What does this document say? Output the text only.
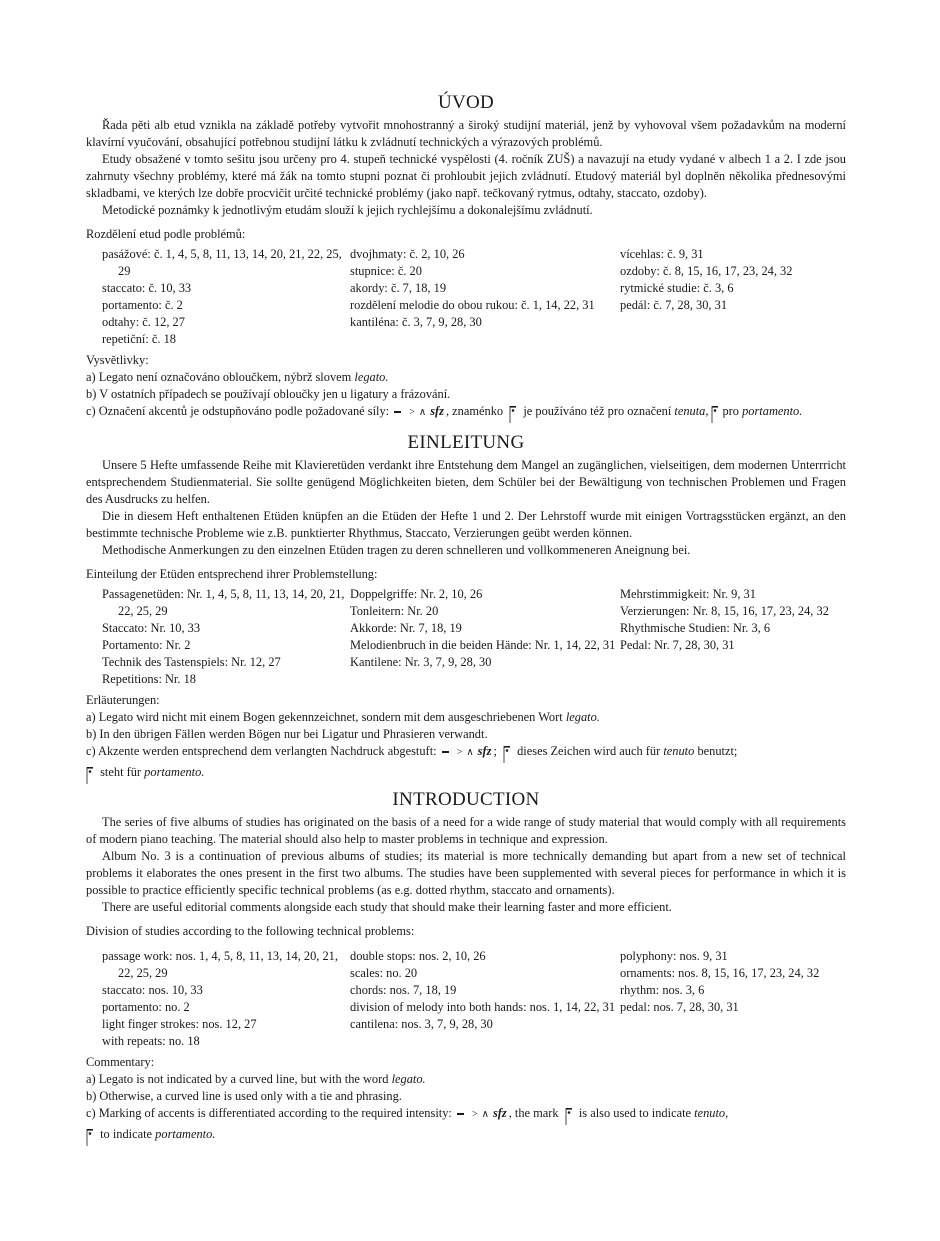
ÚVOD

Řada pěti alb etud vznikla na základě potřeby vytvořit mnohostranný a široký studijní materiál, jenž by vyhovoval všem požadavkům na moderní klavírní vyučování, obsahující potřebnou studijní látku k zvládnutí technických a výrazových problémů.

Etudy obsažené v tomto sešitu jsou určeny pro 4. stupeň technické vyspělosti (4. ročník ZUŠ) a navazují na etudy vydané v albech 1 a 2. I zde jsou zahrnuty všechny problémy, které má žák na tomto stupni poznat či prohloubit jejich zvládnutí. Etudový materiál byl doplněn několika přednesovými skladbami, ve kterých lze dobře procvičit určité technické problémy (jako např. tečkovaný rytmus, odtahy, staccato, ozdoby).

Metodické poznámky k jednotlivým etudám slouží k jejich rychlejšímu a dokonalejšímu zvládnutí.

Rozdělení etud podle problémů:
pasážové: č. 1, 4, 5, 8, 11, 13, 14, 20, 21, 22, 25, 29
staccato: č. 10, 33
portamento: č. 2
odtahy: č. 12, 27
repetiční: č. 18
dvojhmaty: č. 2, 10, 26
stupnice: č. 20
akordy: č. 7, 18, 19
rozdělení melodie do obou rukou: č. 1, 14, 22, 31
kantiléna: č. 3, 7, 9, 28, 30
vícehlas: č. 9, 31
ozdoby: č. 8, 15, 16, 17, 23, 24, 32
rytmické studie: č. 3, 6
pedál: č. 7, 28, 30, 31
Vysvětlivky:
a) Legato není označováno obloučkem, nýbrž slovem legato.
b) V ostatních případech se používají obloučky jen u ligatury a frázování.
c) Označení akcentů je odstupňováno podle požadované síly: > ∧ sfz , znaménko je používáno též pro označení tenuta, pro portamento.
EINLEITUNG

Unsere 5 Hefte umfassende Reihe mit Klavieretüden verdankt ihre Entstehung dem Mangel an zugänglichen, vielseitigen, dem modernen Unterrricht entsprechendem Studienmaterial. Sie sollte genügend Möglichkeiten bieten, dem Schüler bei der Bewältigung von technischen Problemen und Fragen des Ausdrucks zu helfen.

Die in diesem Heft enthaltenen Etüden knüpfen an die Etüden der Hefte 1 und 2. Der Lehrstoff wurde mit einigen Vortragsstücken ergänzt, an den bestimmte technische Probleme wie z.B. punktierter Rhythmus, Staccato, Verzierungen geübt werden können.

Methodische Anmerkungen zu den einzelnen Etüden tragen zu deren schnelleren und vollkommeneren Aneignung bei.

Einteilung der Etüden entsprechend ihrer Problemstellung:
Passagenetüden: Nr. 1, 4, 5, 8, 11, 13, 14, 20, 21, 22, 25, 29
Staccato: Nr. 10, 33
Portamento: Nr. 2
Technik des Tastenspiels: Nr. 12, 27
Repetitions: Nr. 18
Doppelgriffe: Nr. 2, 10, 26
Tonleitern: Nr. 20
Akkorde: Nr. 7, 18, 19
Melodienbruch in die beiden Hände: Nr. 1, 14, 22, 31
Kantilene: Nr. 3, 7, 9, 28, 30
Mehrstimmigkeit: Nr. 9, 31
Verzierungen: Nr. 8, 15, 16, 17, 23, 24, 32
Rhythmische Studien: Nr. 3, 6
Pedal: Nr. 7, 28, 30, 31
Erläuterungen:
a) Legato wird nicht mit einem Bogen gekennzeichnet, sondern mit dem ausgeschriebenen Wort legato.
b) In den übrigen Fällen werden Bögen nur bei Ligatur und Phrasieren verwandt.
c) Akzente werden entsprechend dem verlangten Nachdruck abgestuft: > ∧ sfz ; dieses Zeichen wird auch für tenuto benutzt;
steht für portamento.
INTRODUCTION

The series of five albums of studies has originated on the basis of a need for a wide range of study material that would comply with all requirements of modern piano teaching. The material should also help to master problems in technique and expression.

Album No. 3 is a continuation of previous albums of studies; its material is more technically demanding but apart from a new set of technical problems it elaborates the ones present in the first two albums. The studies have been supplemented with several pieces for performance in which it is possible to practice efficiently specific technical problems (as e.g. dotted rhythm, staccato and ornaments).

There are useful editorial comments alongside each study that should make their learning faster and more efficient.

Division of studies according to the following technical problems:
passage work: nos. 1, 4, 5, 8, 11, 13, 14, 20, 21, 22, 25, 29
staccato: nos. 10, 33
portamento: no. 2
light finger strokes: nos. 12, 27
with repeats: no. 18
double stops: nos. 2, 10, 26
scales: no. 20
chords: nos. 7, 18, 19
division of melody into both hands: nos. 1, 14, 22, 31
cantilena: nos. 3, 7, 9, 28, 30
polyphony: nos. 9, 31
ornaments: nos. 8, 15, 16, 17, 23, 24, 32
rhythm: nos. 3, 6
pedal: nos. 7, 28, 30, 31
Commentary:
a) Legato is not indicated by a curved line, but with the word legato.
b) Otherwise, a curved line is used only with a tie and phrasing.
c) Marking of accents is differentiated according to the required intensity: > ∧ sfz , the mark is also used to indicate tenuto,
to indicate portamento.
